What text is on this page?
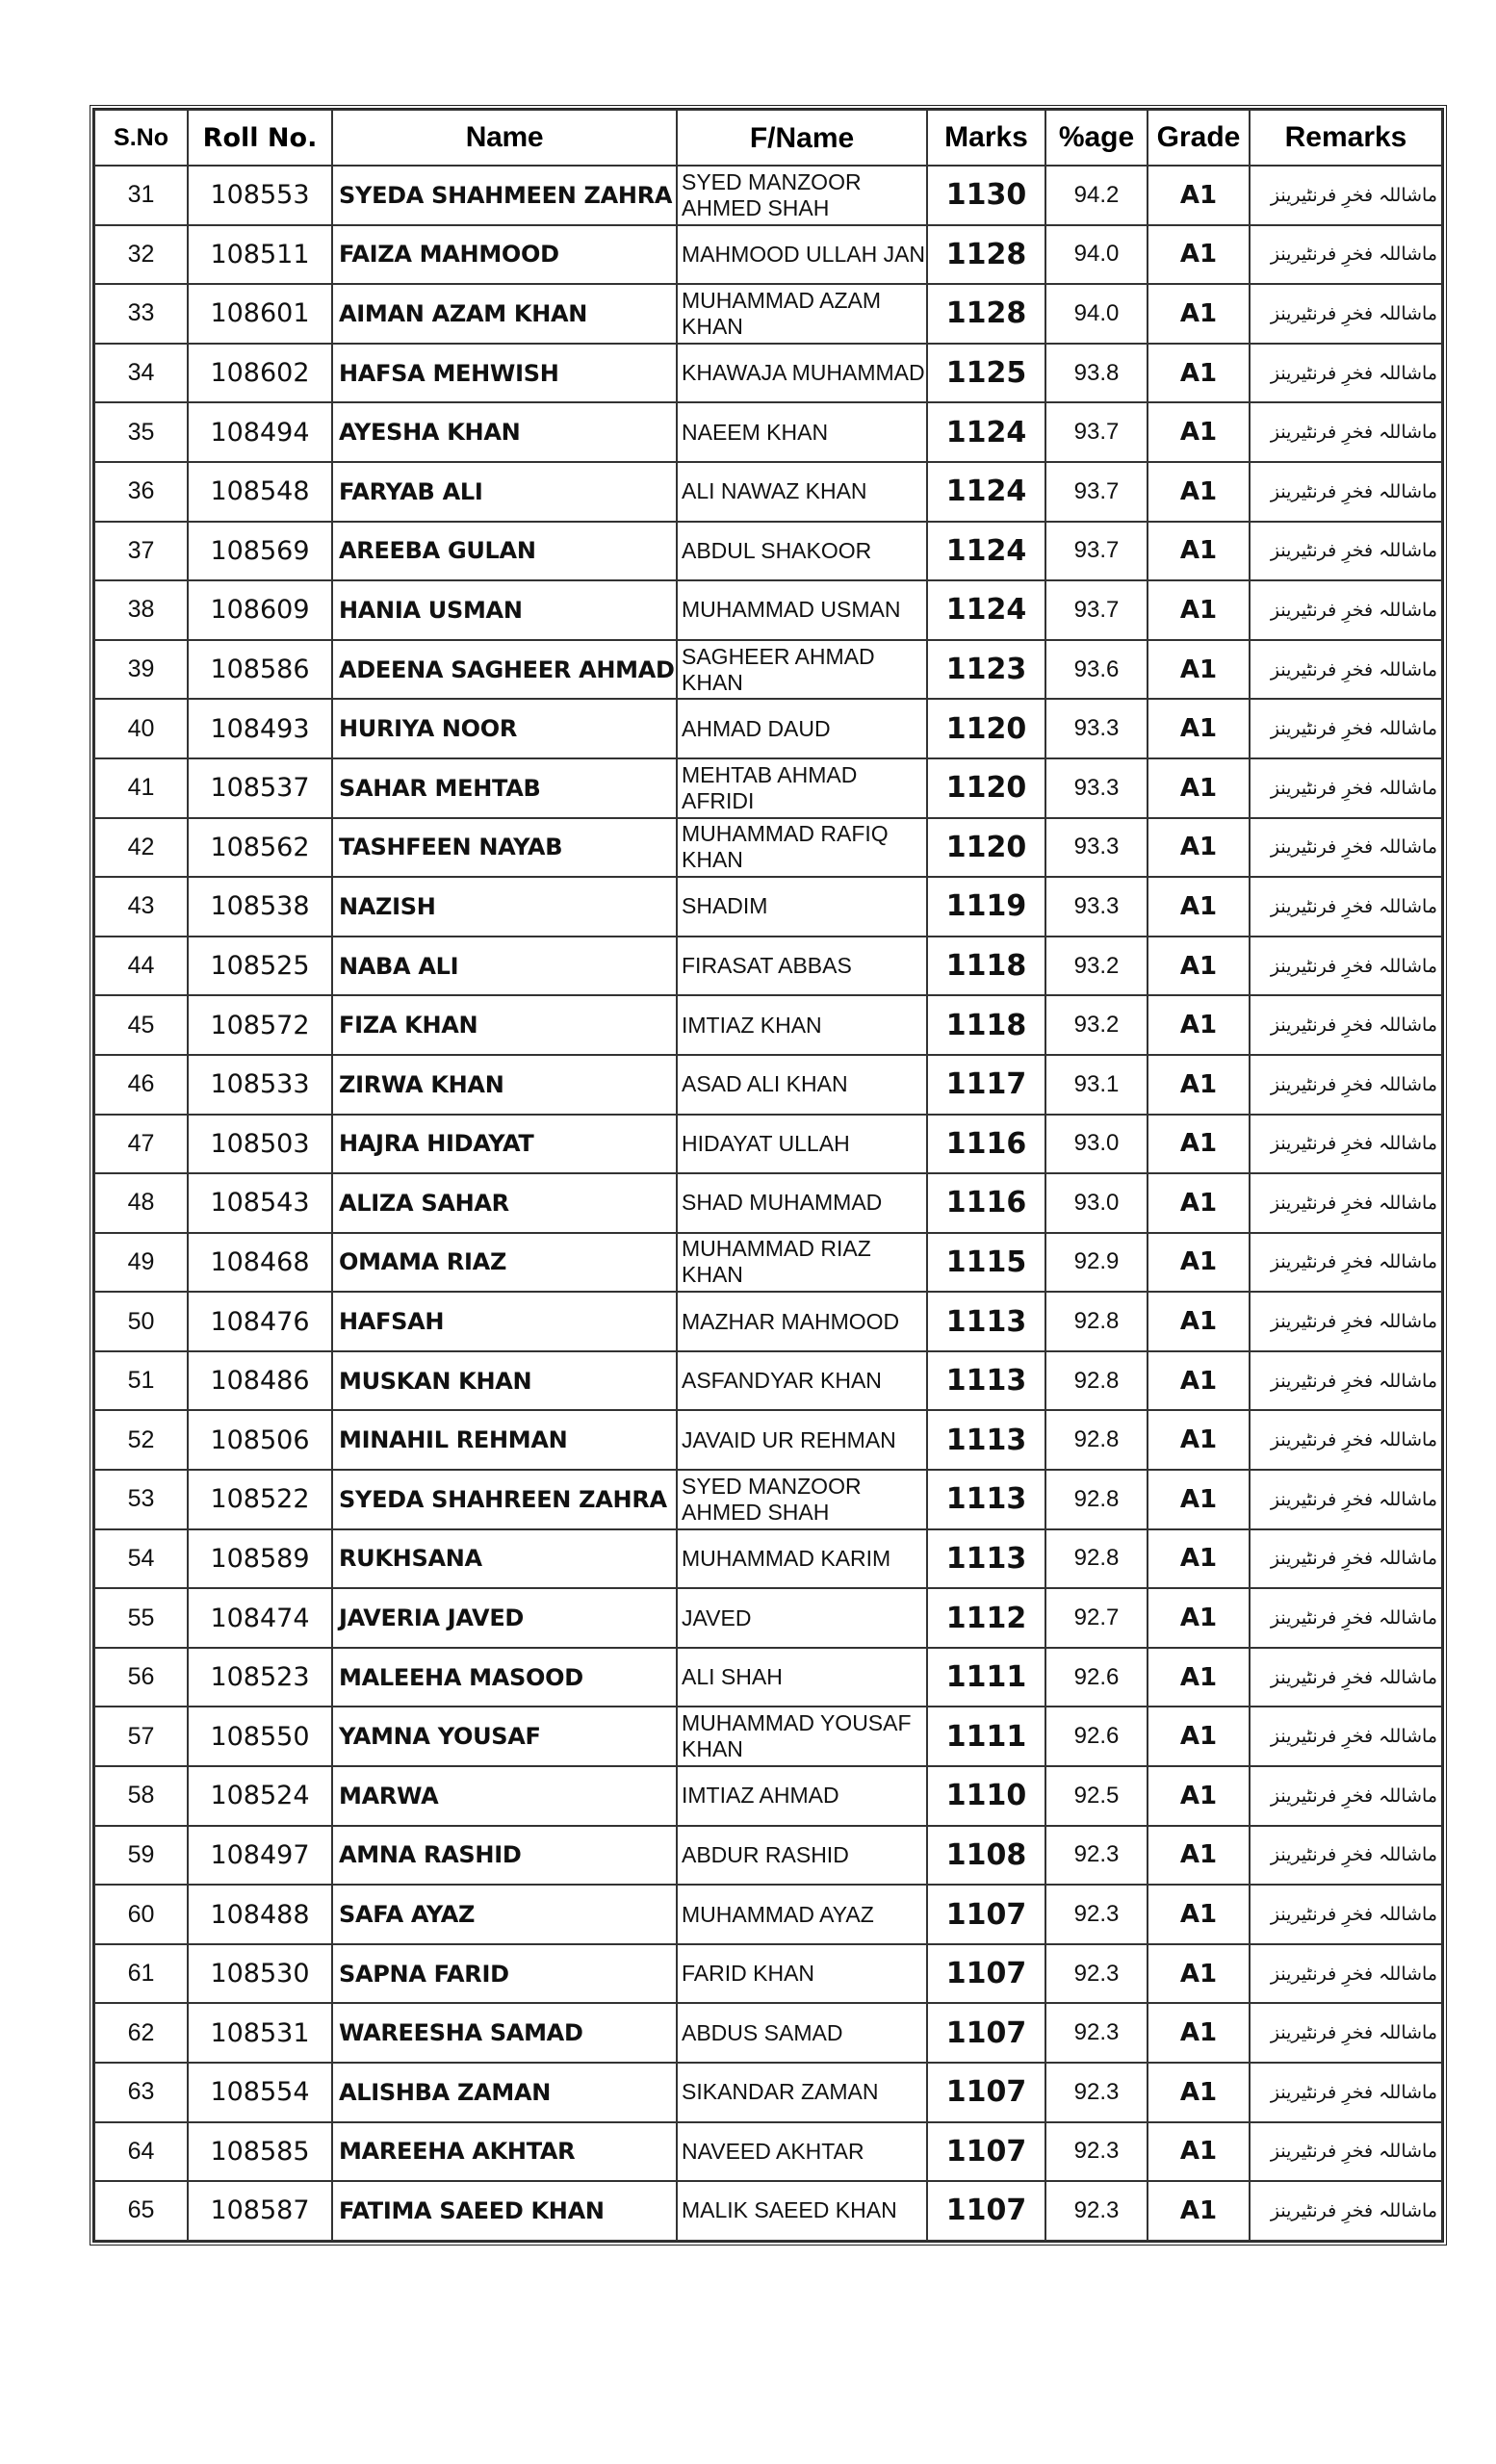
S.No	Roll No.	Name	F/Name	Marks	%age	Grade	Remarks
31	108553	SYEDA SHAHMEEN ZAHRA	SYED MANZOOR AHMED SHAH	1130	94.2	A1	ماشاللہ فخرِ فرنٹیرینز
32	108511	FAIZA MAHMOOD	MAHMOOD ULLAH JAN	1128	94.0	A1	ماشاللہ فخرِ فرنٹیرینز
33	108601	AIMAN AZAM KHAN	MUHAMMAD AZAM KHAN	1128	94.0	A1	ماشاللہ فخرِ فرنٹیرینز
34	108602	HAFSA MEHWISH	KHAWAJA MUHAMMAD	1125	93.8	A1	ماشاللہ فخرِ فرنٹیرینز
35	108494	AYESHA KHAN	NAEEM KHAN	1124	93.7	A1	ماشاللہ فخرِ فرنٹیرینز
36	108548	FARYAB ALI	ALI NAWAZ KHAN	1124	93.7	A1	ماشاللہ فخرِ فرنٹیرینز
37	108569	AREEBA GULAN	ABDUL SHAKOOR	1124	93.7	A1	ماشاللہ فخرِ فرنٹیرینز
38	108609	HANIA USMAN	MUHAMMAD USMAN	1124	93.7	A1	ماشاللہ فخرِ فرنٹیرینز
39	108586	ADEENA SAGHEER AHMAD	SAGHEER AHMAD KHAN	1123	93.6	A1	ماشاللہ فخرِ فرنٹیرینز
40	108493	HURIYA NOOR	AHMAD DAUD	1120	93.3	A1	ماشاللہ فخرِ فرنٹیرینز
41	108537	SAHAR MEHTAB	MEHTAB AHMAD AFRIDI	1120	93.3	A1	ماشاللہ فخرِ فرنٹیرینز
42	108562	TASHFEEN NAYAB	MUHAMMAD RAFIQ KHAN	1120	93.3	A1	ماشاللہ فخرِ فرنٹیرینز
43	108538	NAZISH	SHADIM	1119	93.3	A1	ماشاللہ فخرِ فرنٹیرینز
44	108525	NABA ALI	FIRASAT ABBAS	1118	93.2	A1	ماشاللہ فخرِ فرنٹیرینز
45	108572	FIZA KHAN	IMTIAZ KHAN	1118	93.2	A1	ماشاللہ فخرِ فرنٹیرینز
46	108533	ZIRWA KHAN	ASAD ALI KHAN	1117	93.1	A1	ماشاللہ فخرِ فرنٹیرینز
47	108503	HAJRA HIDAYAT	HIDAYAT ULLAH	1116	93.0	A1	ماشاللہ فخرِ فرنٹیرینز
48	108543	ALIZA SAHAR	SHAD MUHAMMAD	1116	93.0	A1	ماشاللہ فخرِ فرنٹیرینز
49	108468	OMAMA RIAZ	MUHAMMAD RIAZ KHAN	1115	92.9	A1	ماشاللہ فخرِ فرنٹیرینز
50	108476	HAFSAH	MAZHAR MAHMOOD	1113	92.8	A1	ماشاللہ فخرِ فرنٹیرینز
51	108486	MUSKAN KHAN	ASFANDYAR KHAN	1113	92.8	A1	ماشاللہ فخرِ فرنٹیرینز
52	108506	MINAHIL REHMAN	JAVAID UR REHMAN	1113	92.8	A1	ماشاللہ فخرِ فرنٹیرینز
53	108522	SYEDA SHAHREEN ZAHRA	SYED MANZOOR AHMED SHAH	1113	92.8	A1	ماشاللہ فخرِ فرنٹیرینز
54	108589	RUKHSANA	MUHAMMAD KARIM	1113	92.8	A1	ماشاللہ فخرِ فرنٹیرینز
55	108474	JAVERIA JAVED	JAVED	1112	92.7	A1	ماشاللہ فخرِ فرنٹیرینز
56	108523	MALEEHA MASOOD	ALI SHAH	1111	92.6	A1	ماشاللہ فخرِ فرنٹیرینز
57	108550	YAMNA YOUSAF	MUHAMMAD YOUSAF KHAN	1111	92.6	A1	ماشاللہ فخرِ فرنٹیرینز
58	108524	MARWA	IMTIAZ AHMAD	1110	92.5	A1	ماشاللہ فخرِ فرنٹیرینز
59	108497	AMNA RASHID	ABDUR RASHID	1108	92.3	A1	ماشاللہ فخرِ فرنٹیرینز
60	108488	SAFA AYAZ	MUHAMMAD AYAZ	1107	92.3	A1	ماشاللہ فخرِ فرنٹیرینز
61	108530	SAPNA FARID	FARID KHAN	1107	92.3	A1	ماشاللہ فخرِ فرنٹیرینز
62	108531	WAREESHA SAMAD	ABDUS SAMAD	1107	92.3	A1	ماشاللہ فخرِ فرنٹیرینز
63	108554	ALISHBA ZAMAN	SIKANDAR ZAMAN	1107	92.3	A1	ماشاللہ فخرِ فرنٹیرینز
64	108585	MAREEHA AKHTAR	NAVEED AKHTAR	1107	92.3	A1	ماشاللہ فخرِ فرنٹیرینز
65	108587	FATIMA SAEED KHAN	MALIK SAEED KHAN	1107	92.3	A1	ماشاللہ فخرِ فرنٹیرینز
